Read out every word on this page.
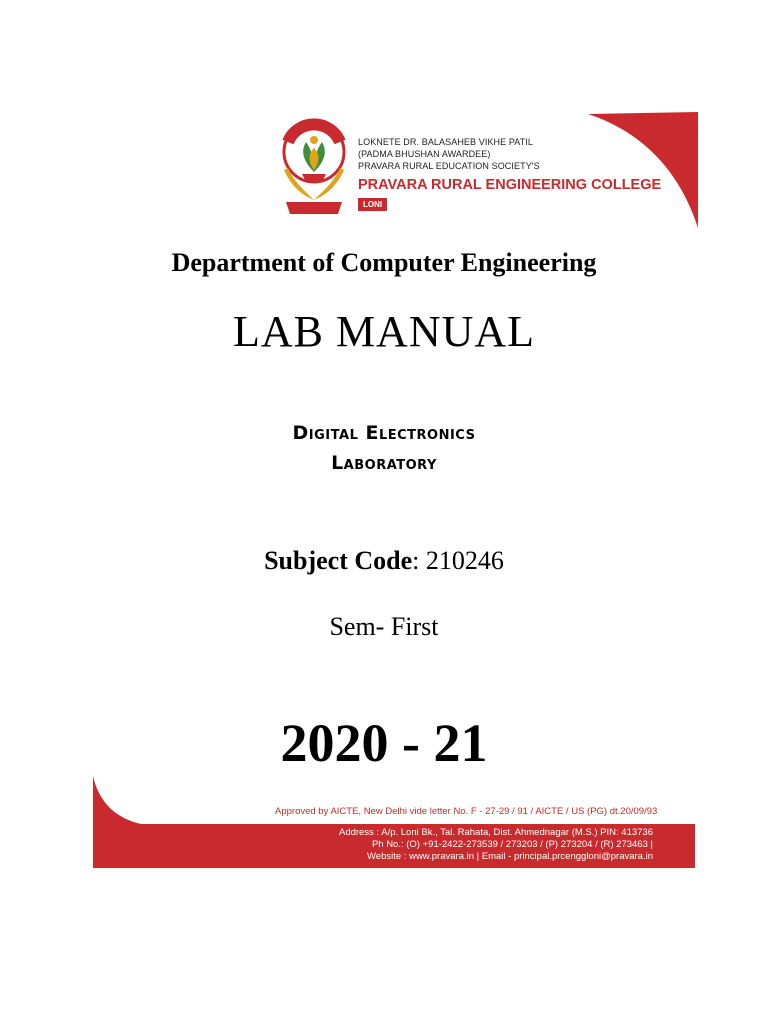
LOKNETE DR. BALASAHEB VIKHE PATIL
(PADMA BHUSHAN AWARDEE)
PRAVARA RURAL EDUCATION SOCIETY'S
PRAVARA RURAL ENGINEERING COLLEGE
LONI
Department of Computer Engineering
LAB MANUAL
Digital Electronics
Laboratory
Subject Code: 210246
Sem- First
2020 - 21
Approved by AICTE, New Delhi vide letter No. F - 27-29 / 91 / AICTE / US (PG) dt.20/09/93
Address : A/p. Loni Bk., Tal. Rahata, Dist. Ahmednagar (M.S.) PIN: 413736
Ph No.: (O) +91-2422-273539 / 273203 / (P) 273204 / (R) 273463 |
Website : www.pravara.in | Email - principal.prcenggloni@pravara.in
